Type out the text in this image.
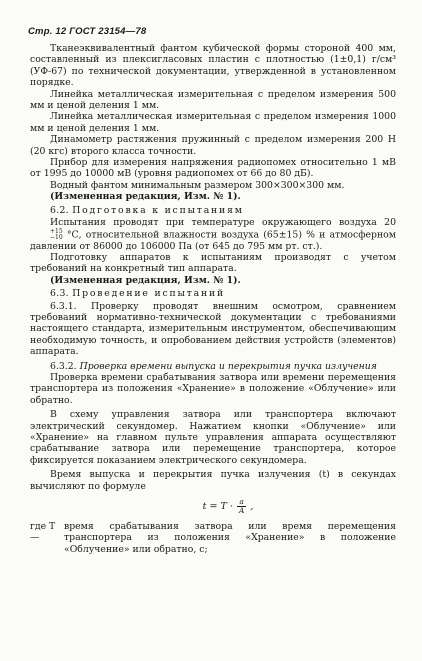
Стр. 12 ГОСТ 23154—78

Тканеэквивалентный фантом кубической формы стороной 400 мм, составленный из плексигласовых пластин с плотностью (1±0,1) г/см³ (УФ-67) по технической документации, утвержденной в установленном порядке.

Линейка металлическая измерительная с пределом измерения 500 мм и ценой деления 1 мм.

Линейка металлическая измерительная с пределом измерения 1000 мм и ценой деления 1 мм.

Динамометр растяжения пружинный с пределом измерения 200 Н (20 кгс) второго класса точности.

Прибор для измерения напряжения радиопомех относительно 1 мВ от 1995 до 10000 мВ (уровня радиопомех от 66 до 80 дБ).

Водный фантом минимальным размером 300×300×300 мм.

(Измененная редакция, Изм. № 1).

6.2. Подготовка к испытаниям

Испытания проводят при температуре окружающего воздуха 20
+15
−10 °С, относительной влажности воздуха (65±15) % и атмосферном давлении от 86000 до 106000 Па (от 645 до 795 мм рт. ст.).

Подготовку аппаратов к испытаниям производят с учетом требований на конкретный тип аппарата.

(Измененная редакция, Изм. № 1).

6.3. Проведение испытаний

6.3.1. Проверку проводят внешним осмотром, сравнением требований нормативно-технической документации с требованиями настоящего стандарта, измерительным инструментом, обеспечивающим необходимую точность, и опробованием действия устройств (элементов) аппарата.

6.3.2. Проверка времени выпуска и перекрытия пучка излучения

Проверка времени срабатывания затвора или времени перемещения транспортера из положения «Хранение» в положение «Облучение» или обратно.

В схему управления затвора или транспортера включают электрический секундомер. Нажатием кнопки «Облучение» или «Хранение» на главном пульте управления аппарата осуществляют срабатывание затвора или перемещение транспортера, которое фиксируется показанием электрического секундомера.

Время выпуска и перекрытия пучка излучения (t) в секундах вычисляют по формуле

$t = T \cdot \frac{a}{A}$ ,
где T —
время срабатывания затвора или время перемещения транспортера из положения «Хранение» в положение «Облучение» или обратно, с;
